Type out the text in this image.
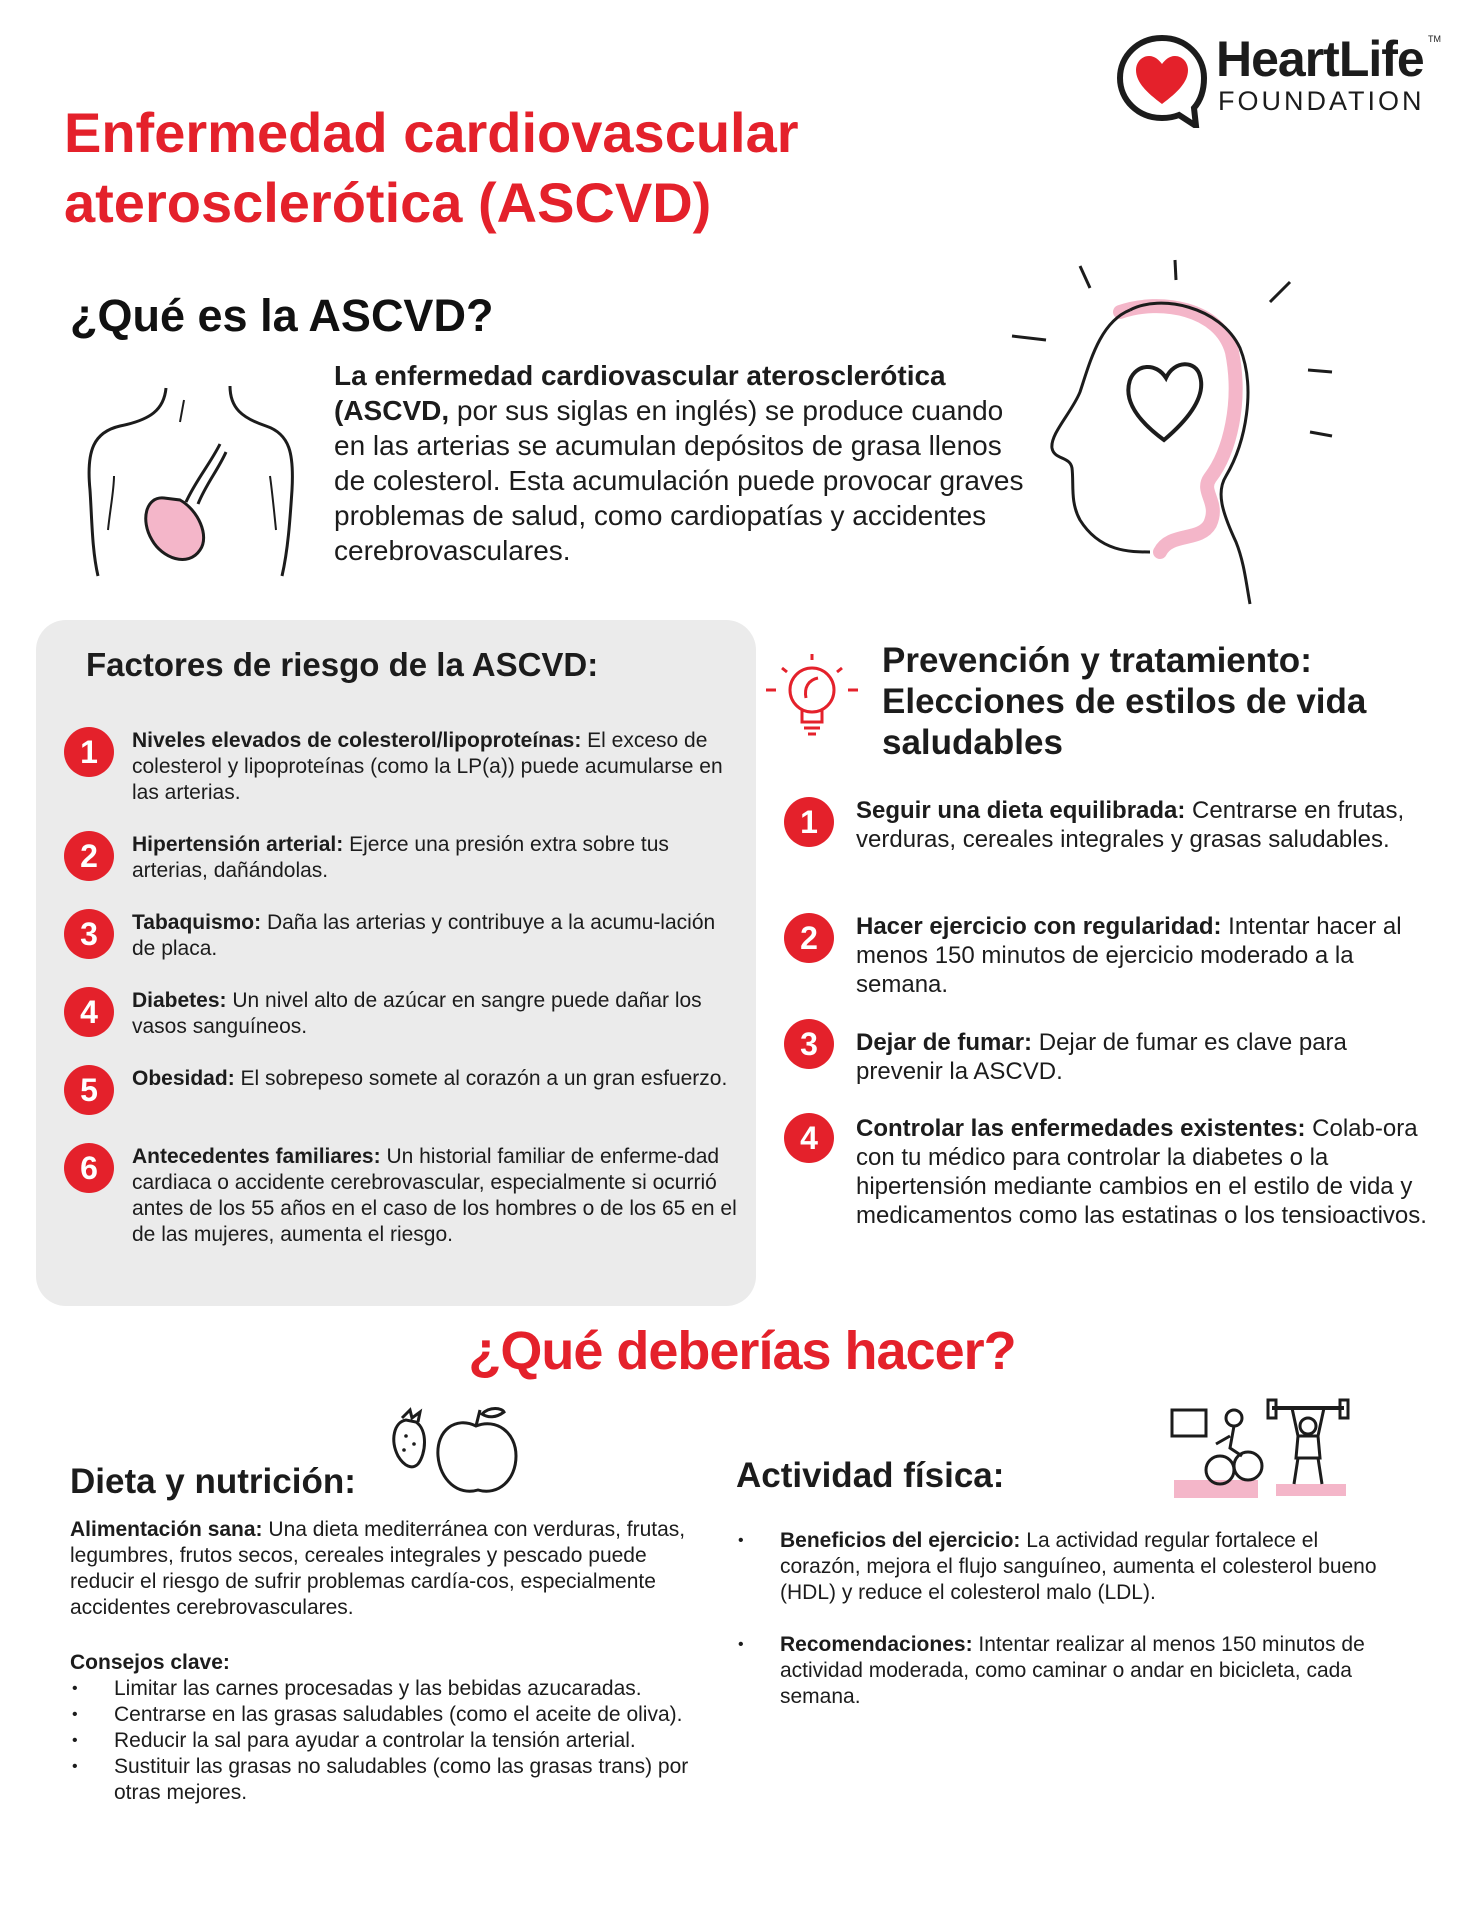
HeartLife TM
FOUNDATION
Enfermedad cardiovascular
aterosclerótica (ASCVD)
¿Qué es la ASCVD?
La enfermedad cardiovascular aterosclerótica (ASCVD, por sus siglas en inglés) se produce cuando en las arterias se acumulan depósitos de grasa llenos de colesterol. Esta acumulación puede provocar graves problemas de salud, como cardiopatías y accidentes cerebrovasculares.
Factores de riesgo de la ASCVD:
1	Niveles elevados de colesterol/lipoproteínas: El exceso de colesterol y lipoproteínas (como la LP(a)) puede acumularse en las arterias.
2	Hipertensión arterial: Ejerce una presión extra sobre tus arterias, dañándolas.
3	Tabaquismo: Daña las arterias y contribuye a la acumu-lación de placa.
4	Diabetes: Un nivel alto de azúcar en sangre puede dañar los vasos sanguíneos.
5	Obesidad: El sobrepeso somete al corazón a un gran esfuerzo.
6	Antecedentes familiares: Un historial familiar de enferme-dad cardiaca o accidente cerebrovascular, especialmente si ocurrió antes de los 55 años en el caso de los hombres o de los 65 en el de las mujeres, aumenta el riesgo.
Prevención y tratamiento:
Elecciones de estilos de vida
saludables
1	Seguir una dieta equilibrada: Centrarse en frutas, verduras, cereales integrales y grasas saludables.
2	Hacer ejercicio con regularidad: Intentar hacer al menos 150 minutos de ejercicio moderado a la semana.
3	Dejar de fumar: Dejar de fumar es clave para prevenir la ASCVD.
4	Controlar las enfermedades existentes: Colab-ora con tu médico para controlar la diabetes o la hipertensión mediante cambios en el estilo de vida y medicamentos como las estatinas o los tensioactivos.
¿Qué deberías hacer?
Dieta y nutrición:
Alimentación sana: Una dieta mediterránea con verduras, frutas, legumbres, frutos secos, cereales integrales y pescado puede reducir el riesgo de sufrir problemas cardía-cos, especialmente accidentes cerebrovasculares.
Consejos clave:
• Limitar las carnes procesadas y las bebidas azucaradas.
• Centrarse en las grasas saludables (como el aceite de oliva).
• Reducir la sal para ayudar a controlar la tensión arterial.
• Sustituir las grasas no saludables (como las grasas trans) por otras mejores.
Actividad física:
• Beneficios del ejercicio: La actividad regular fortalece el corazón, mejora el flujo sanguíneo, aumenta el colesterol bueno (HDL) y reduce el colesterol malo (LDL).
• Recomendaciones: Intentar realizar al menos 150 minutos de actividad moderada, como caminar o andar en bicicleta, cada semana.
